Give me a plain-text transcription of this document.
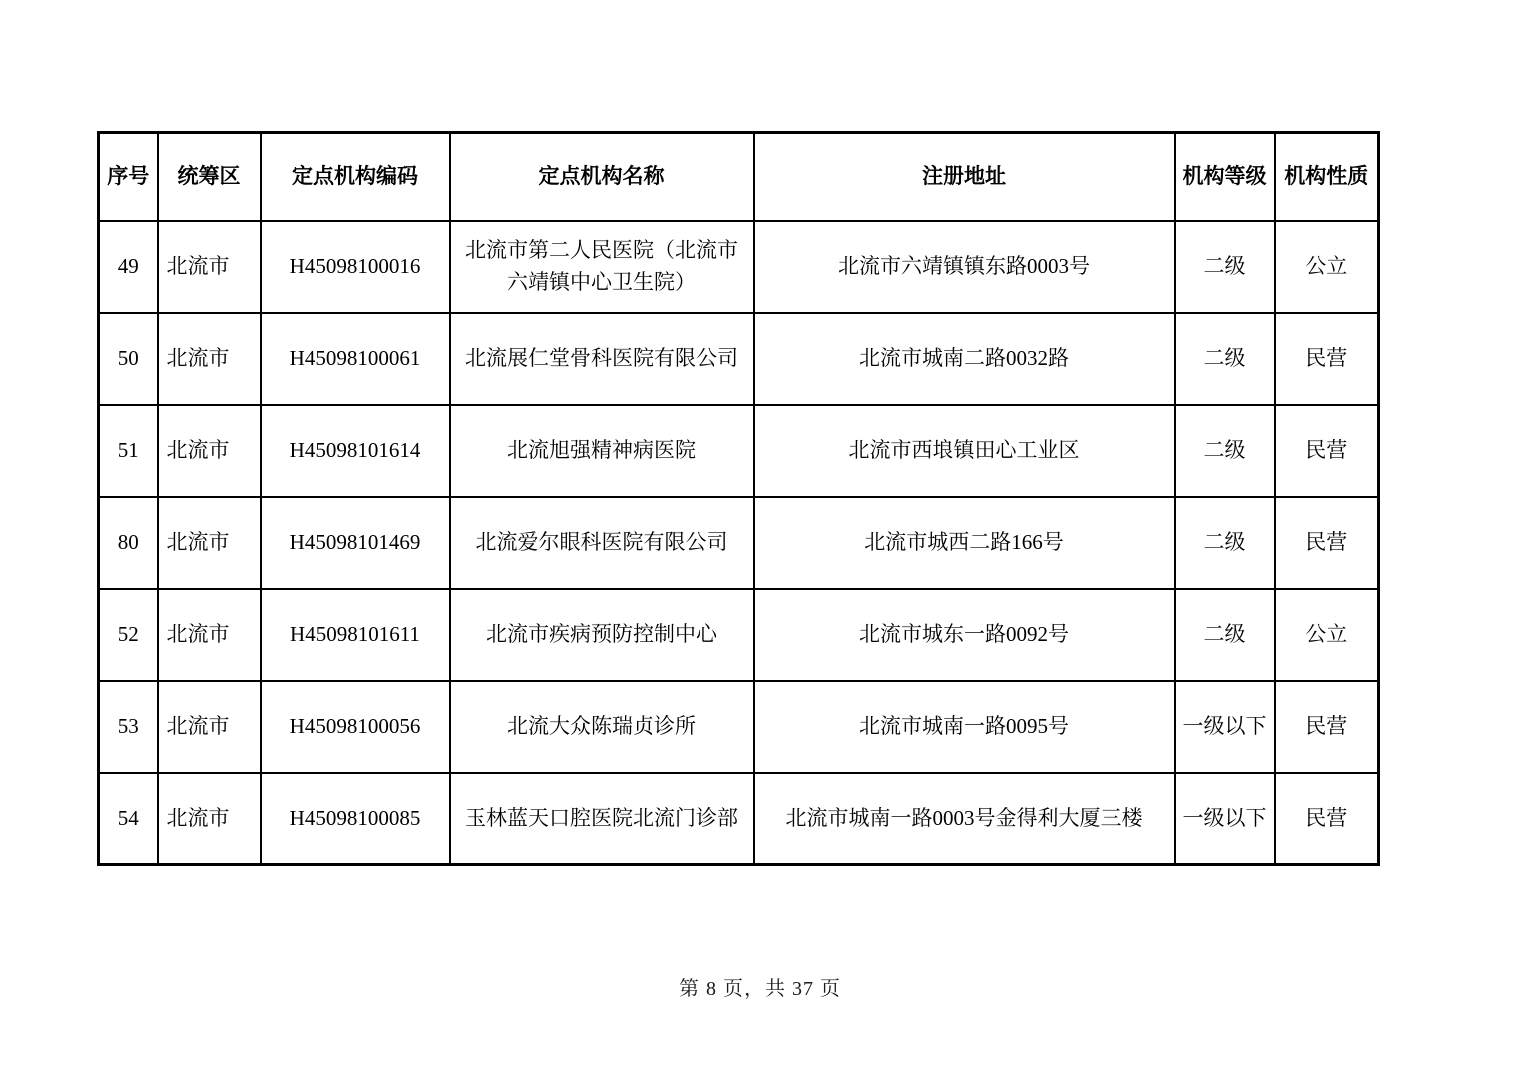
序号	统筹区	定点机构编码	定点机构名称	注册地址	机构等级	机构性质
49	北流市	H45098100016	北流市第二人民医院（北流市六靖镇中心卫生院）	北流市六靖镇镇东路0003号	二级	公立
50	北流市	H45098100061	北流展仁堂骨科医院有限公司	北流市城南二路0032路	二级	民营
51	北流市	H45098101614	北流旭强精神病医院	北流市西埌镇田心工业区	二级	民营
80	北流市	H45098101469	北流爱尔眼科医院有限公司	北流市城西二路166号	二级	民营
52	北流市	H45098101611	北流市疾病预防控制中心	北流市城东一路0092号	二级	公立
53	北流市	H45098100056	北流大众陈瑞贞诊所	北流市城南一路0095号	一级以下	民营
54	北流市	H45098100085	玉林蓝天口腔医院北流门诊部	北流市城南一路0003号金得利大厦三楼	一级以下	民营
第 8 页，共 37 页
